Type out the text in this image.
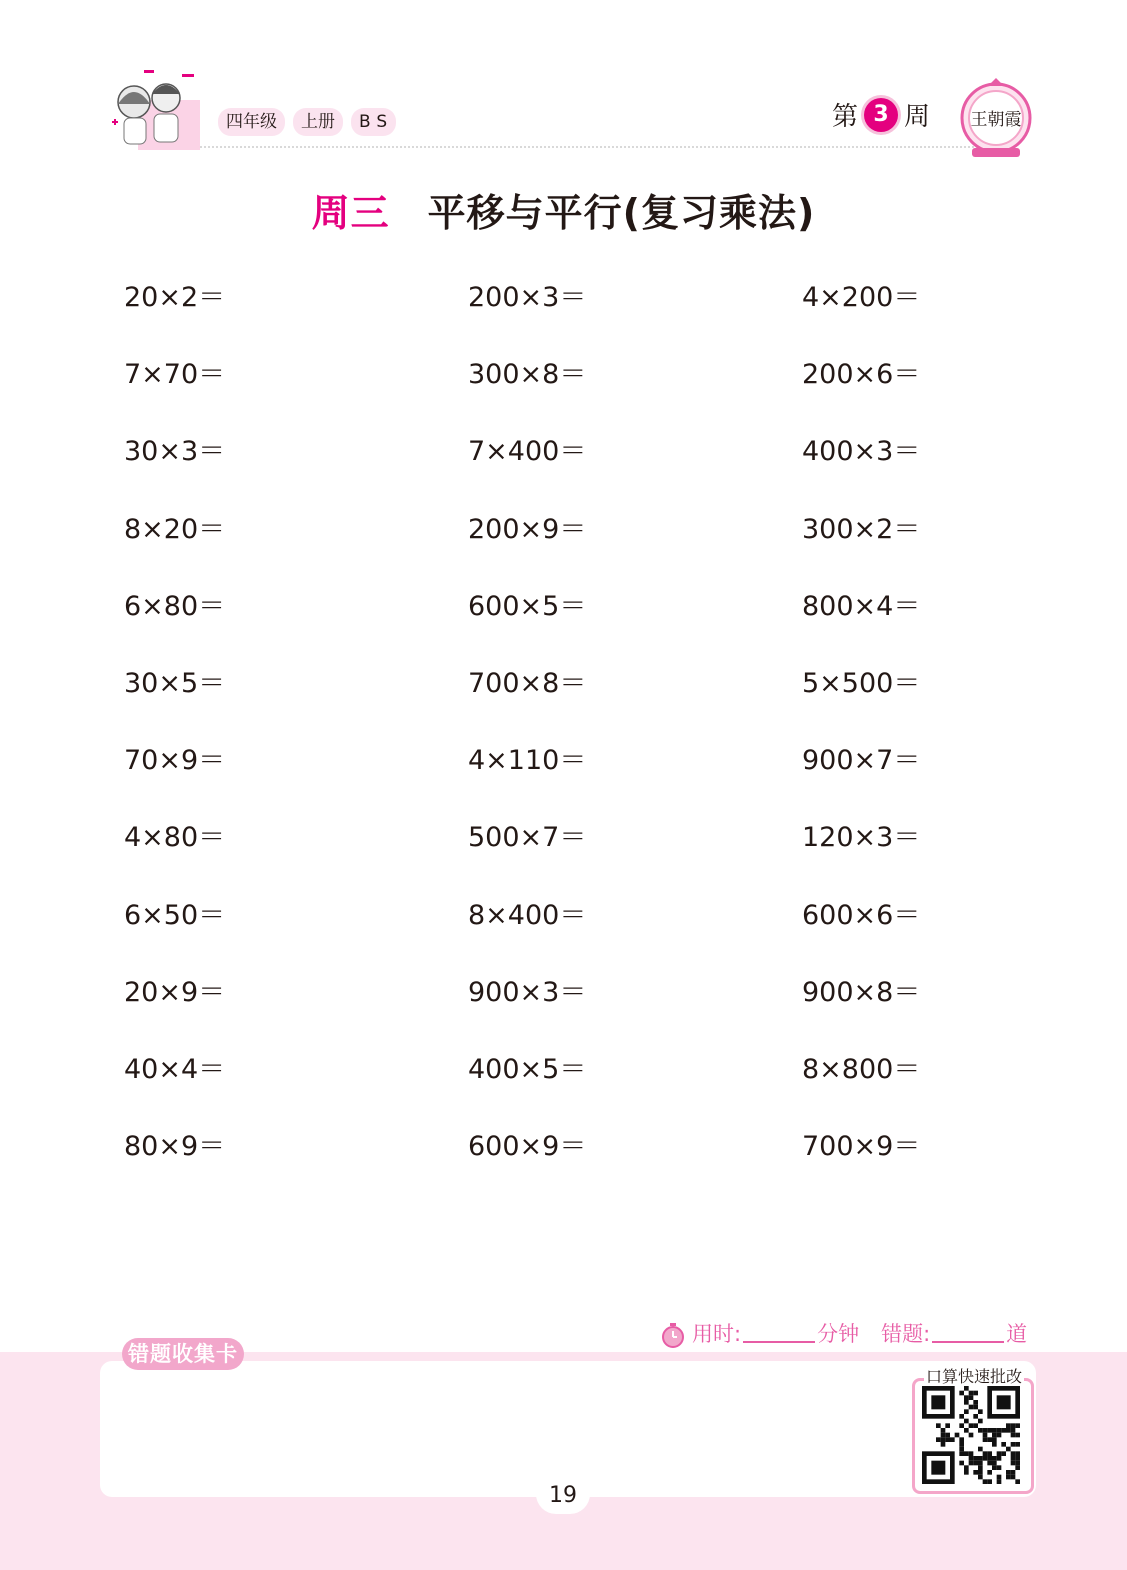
四年级	上册	BS	第 3 周 王朝霞
周三 平移与平行(复习乘法)
20×2＝	200×3＝	4×200＝
7×70＝	300×8＝	200×6＝
30×3＝	7×400＝	400×3＝
8×20＝	200×9＝	300×2＝
6×80＝	600×5＝	800×4＝
30×5＝	700×8＝	5×500＝
70×9＝	4×110＝	900×7＝
4×80＝	500×7＝	120×3＝
6×50＝	8×400＝	600×6＝
20×9＝	900×3＝	900×8＝
40×4＝	400×5＝	8×800＝
80×9＝	600×9＝	700×9＝
用时:	分钟 错题:	道
错题收集卡
口算快速批改
19
